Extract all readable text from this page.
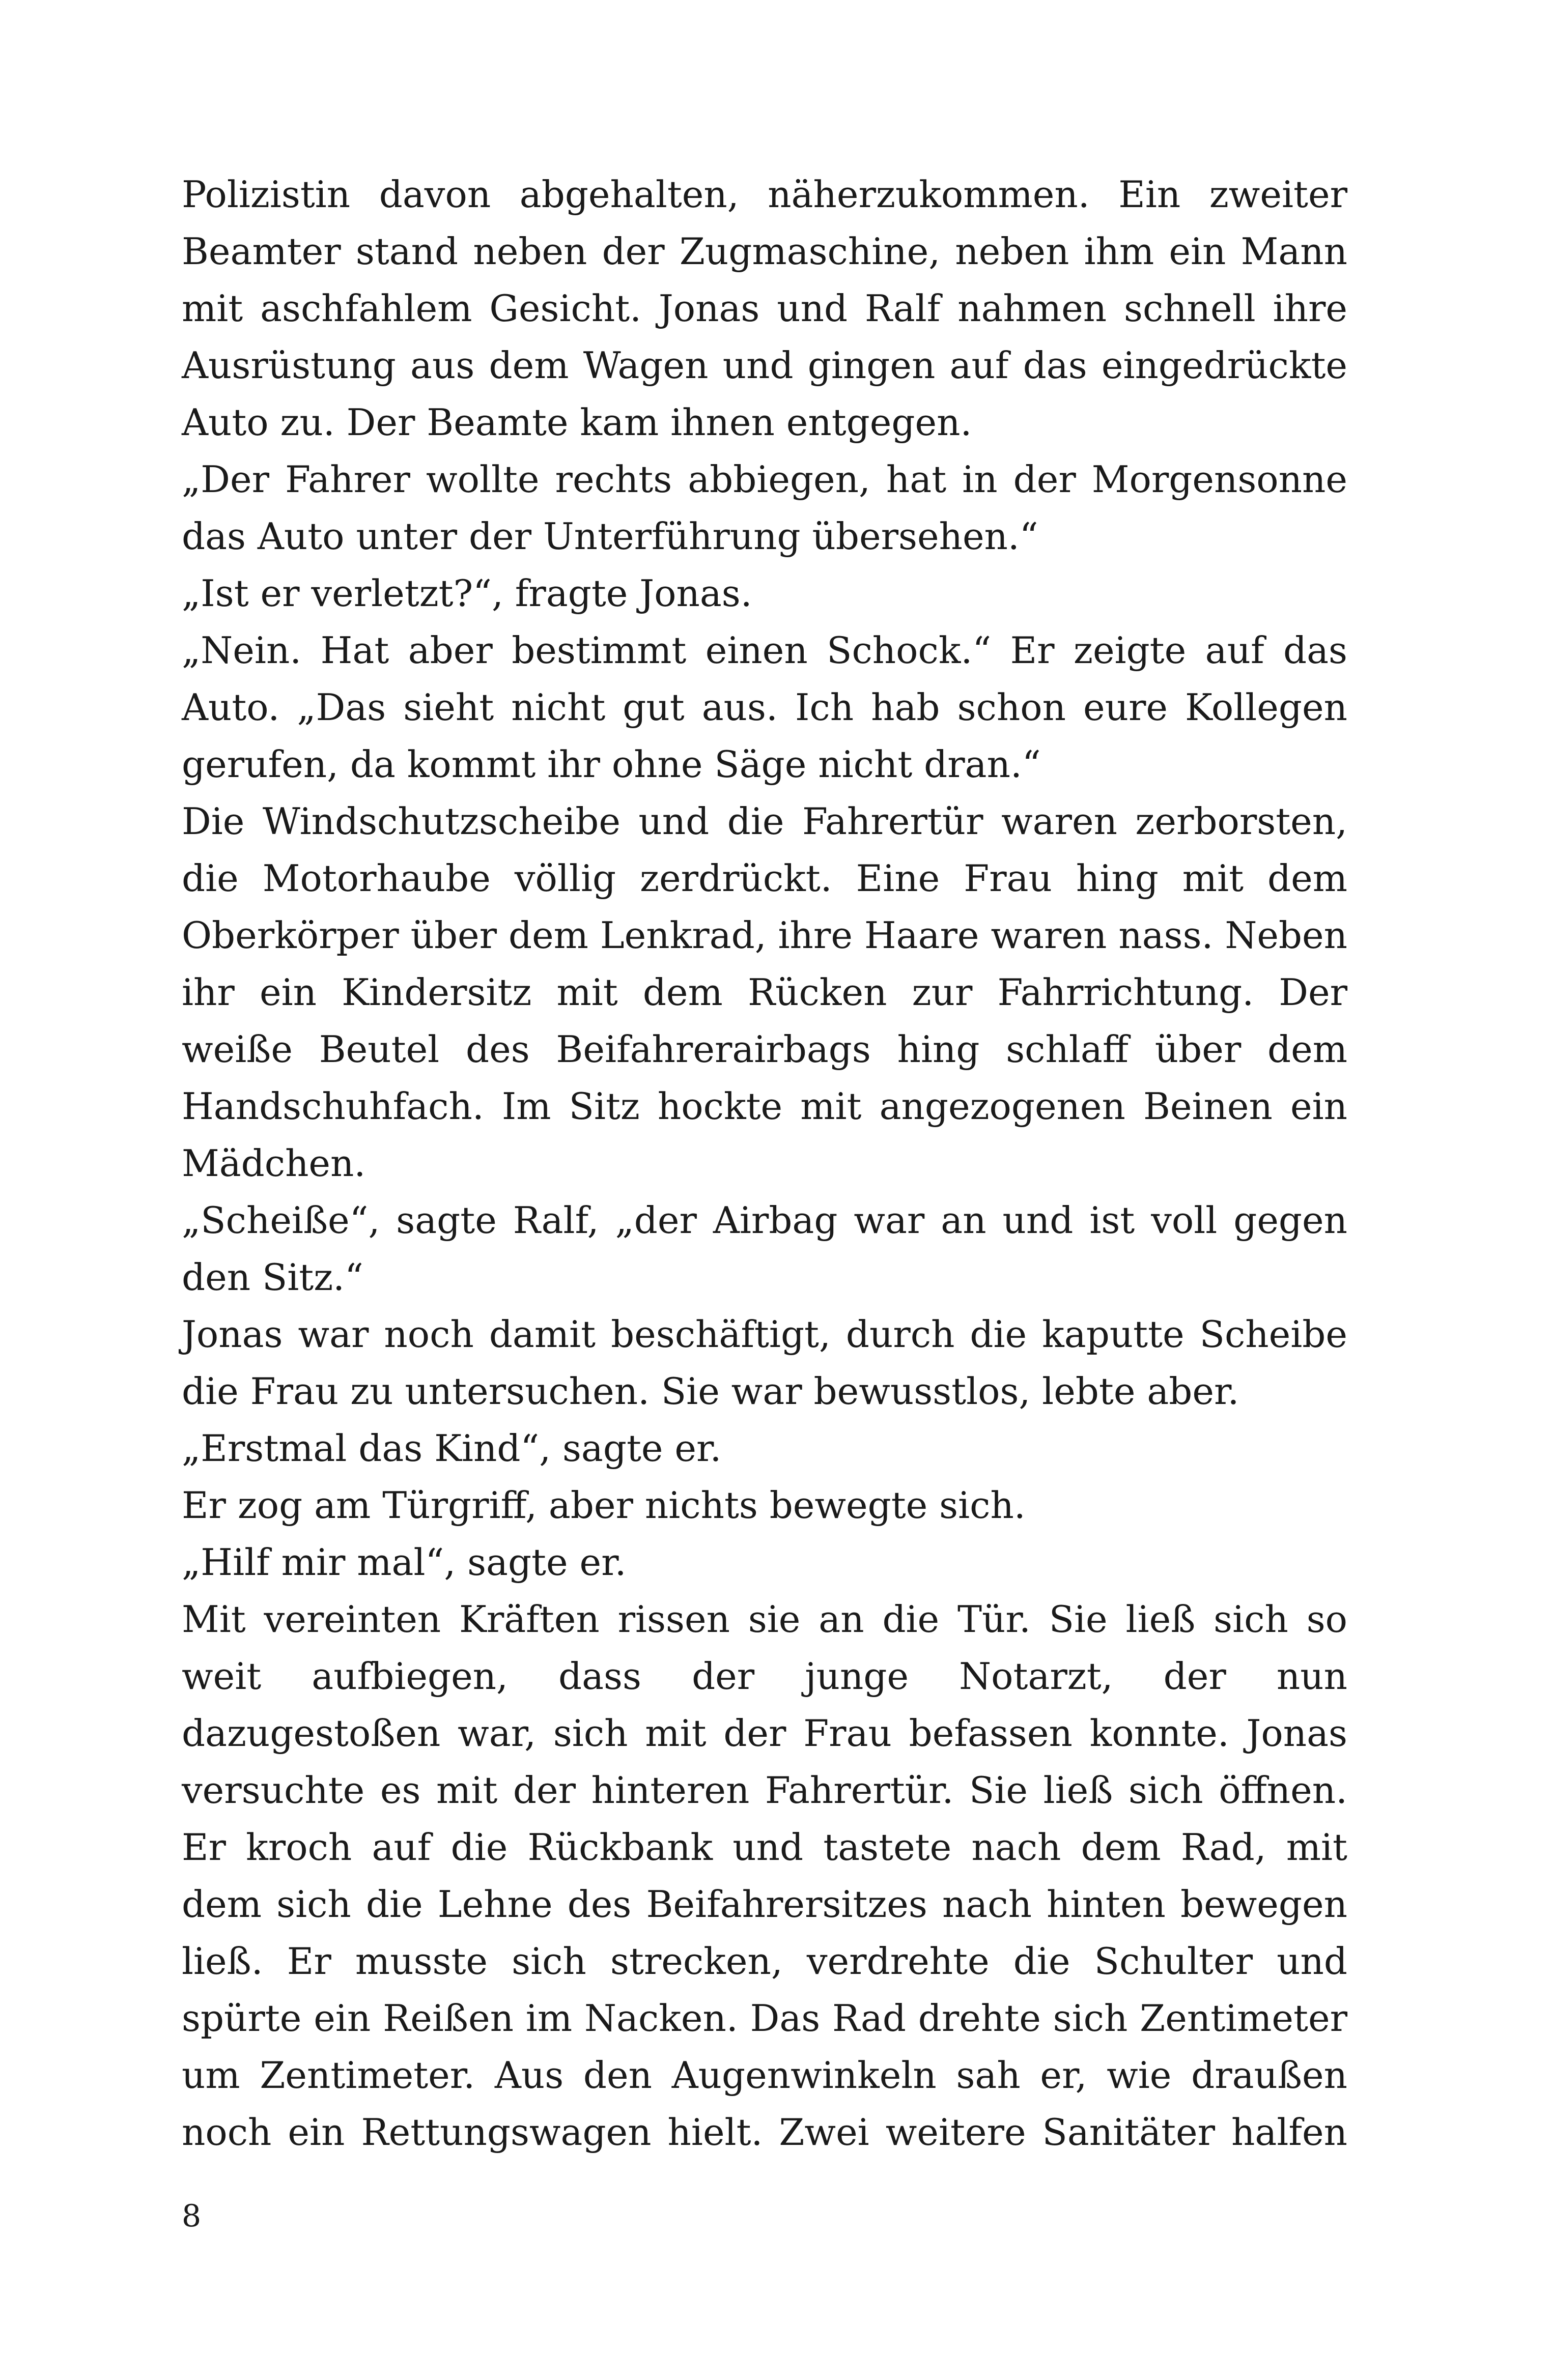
Polizistin davon abgehalten, näherzukommen. Ein zweiter
Beamter stand neben der Zugmaschine, neben ihm ein Mann
mit aschfahlem Gesicht. Jonas und Ralf nahmen schnell ihre
Ausrüstung aus dem Wagen und gingen auf das eingedrückte
Auto zu. Der Beamte kam ihnen entgegen.
„Der Fahrer wollte rechts abbiegen, hat in der Morgensonne
das Auto unter der Unterführung übersehen.“
„Ist er verletzt?“, fragte Jonas.
„Nein. Hat aber bestimmt einen Schock.“ Er zeigte auf das
Auto. „Das sieht nicht gut aus. Ich hab schon eure Kollegen
gerufen, da kommt ihr ohne Säge nicht dran.“
Die Windschutzscheibe und die Fahrertür waren zerborsten,
die Motorhaube völlig zerdrückt. Eine Frau hing mit dem
Oberkörper über dem Lenkrad, ihre Haare waren nass. Neben
ihr ein Kindersitz mit dem Rücken zur Fahrrichtung. Der
weiße Beutel des Beifahrerairbags hing schlaff über dem
Handschuhfach. Im Sitz hockte mit angezogenen Beinen ein
Mädchen.
„Scheiße“, sagte Ralf, „der Airbag war an und ist voll gegen
den Sitz.“
Jonas war noch damit beschäftigt, durch die kaputte Scheibe
die Frau zu untersuchen. Sie war bewusstlos, lebte aber.
„Erstmal das Kind“, sagte er.
Er zog am Türgriff, aber nichts bewegte sich.
„Hilf mir mal“, sagte er.
Mit vereinten Kräften rissen sie an die Tür. Sie ließ sich so
weit aufbiegen, dass der junge Notarzt, der nun
dazugestoßen war, sich mit der Frau befassen konnte. Jonas
versuchte es mit der hinteren Fahrertür. Sie ließ sich öffnen.
Er kroch auf die Rückbank und tastete nach dem Rad, mit
dem sich die Lehne des Beifahrersitzes nach hinten bewegen
ließ. Er musste sich strecken, verdrehte die Schulter und
spürte ein Reißen im Nacken. Das Rad drehte sich Zentimeter
um Zentimeter. Aus den Augenwinkeln sah er, wie draußen
noch ein Rettungswagen hielt. Zwei weitere Sanitäter halfen
8
